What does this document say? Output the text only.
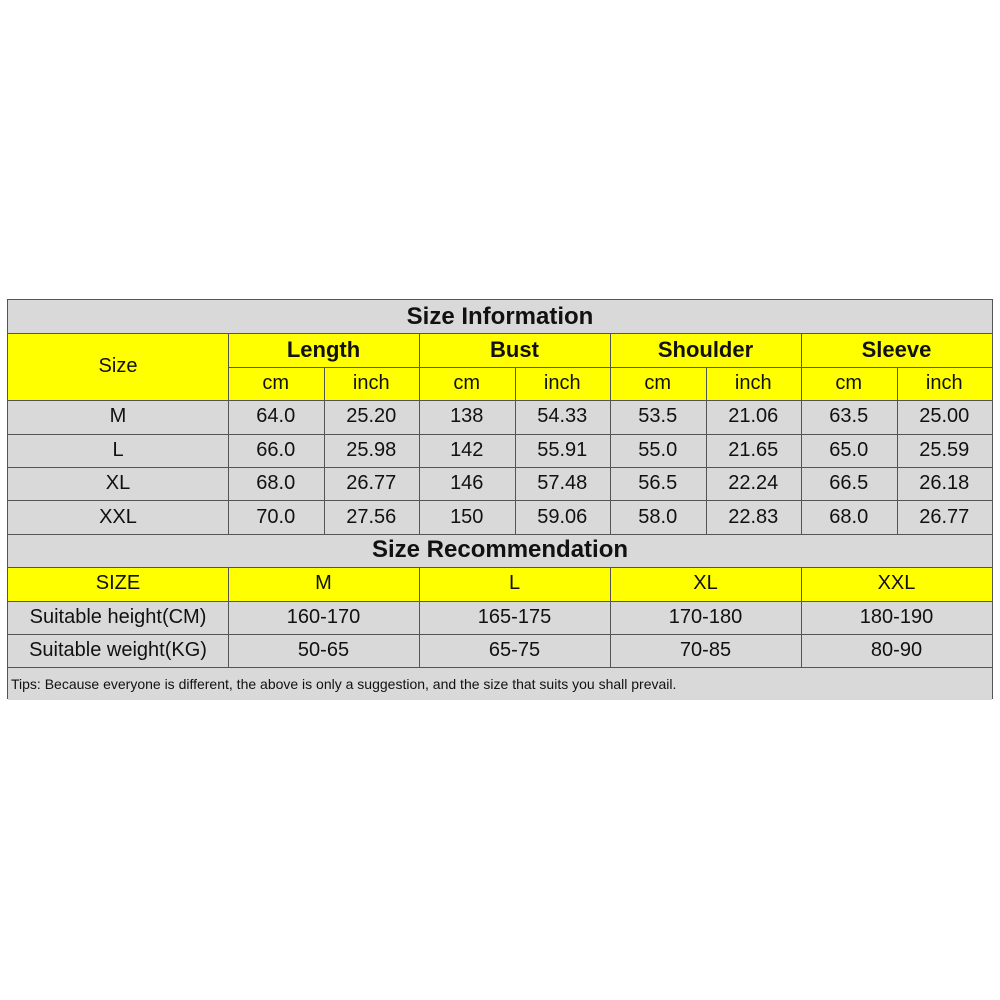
Size Information
Size
Length	Bust	Shoulder	Sleeve
cm	inch	cm	inch	cm	inch	cm	inch
M	64.0	25.20	138	54.33	53.5	21.06	63.5	25.00
L	66.0	25.98	142	55.91	55.0	21.65	65.0	25.59
XL	68.0	26.77	146	57.48	56.5	22.24	66.5	26.18
XXL	70.0	27.56	150	59.06	58.0	22.83	68.0	26.77
Size Recommendation
SIZE	M	L	XL	XXL
Suitable height(CM)	160-170	165-175	170-180	180-190
Suitable weight(KG)	50-65	65-75	70-85	80-90
Tips: Because everyone is different, the above is only a suggestion, and the size that suits you shall prevail.
